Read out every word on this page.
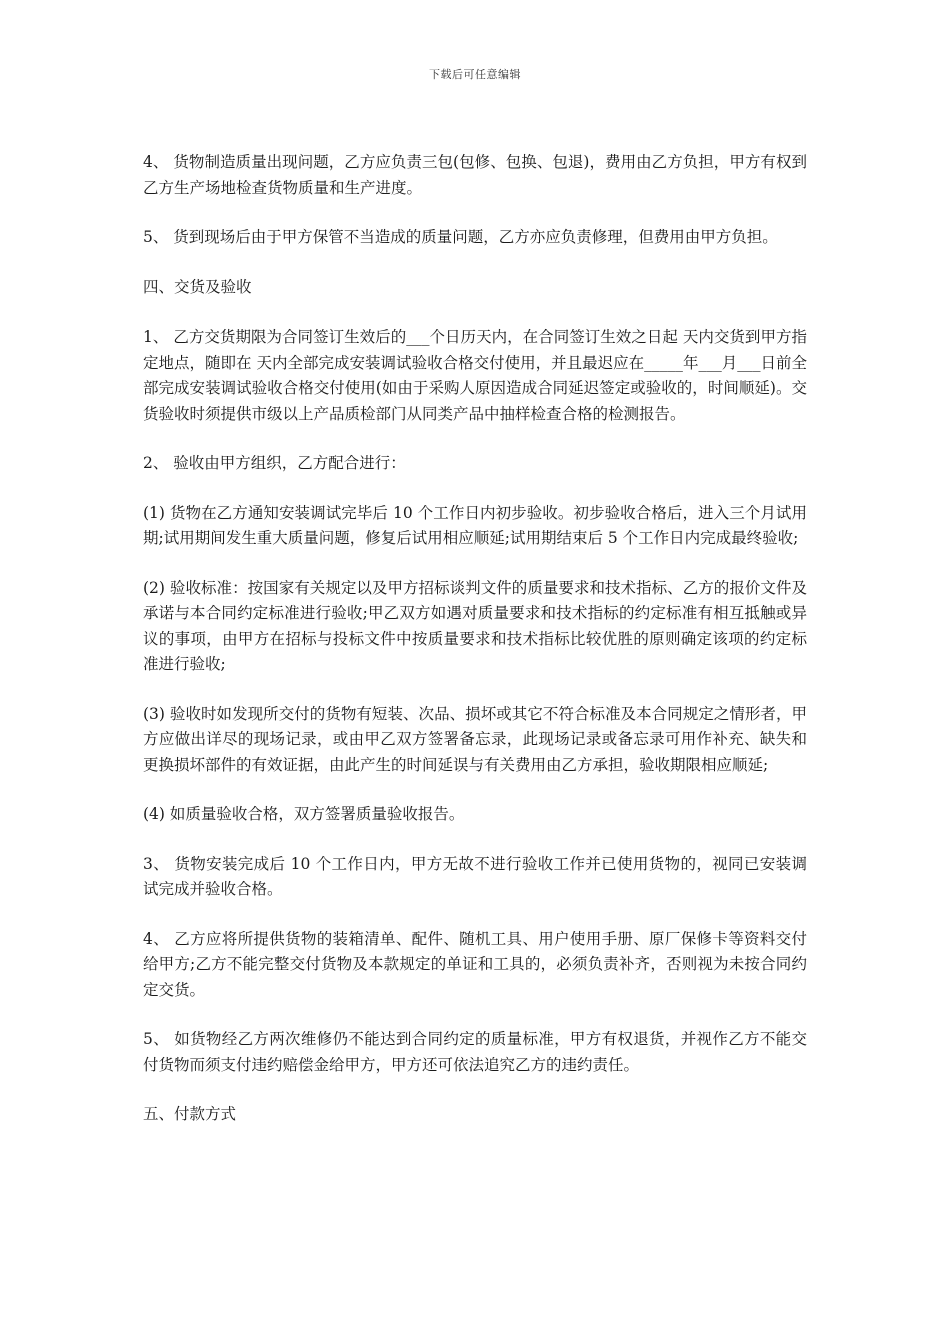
下载后可任意编辑

4、 货物制造质量出现问题，乙方应负责三包(包修、包换、包退)，费用由乙方负担，甲方有权到乙方生产场地检查货物质量和生产进度。

5、 货到现场后由于甲方保管不当造成的质量问题，乙方亦应负责修理，但费用由甲方负担。

四、交货及验收

1、 乙方交货期限为合同签订生效后的___个日历天内，在合同签订生效之日起 天内交货到甲方指定地点，随即在 天内全部完成安装调试验收合格交付使用，并且最迟应在_____年___月___日前全部完成安装调试验收合格交付使用(如由于采购人原因造成合同延迟签定或验收的，时间顺延)。交货验收时须提供市级以上产品质检部门从同类产品中抽样检查合格的检测报告。

2、 验收由甲方组织，乙方配合进行：

(1) 货物在乙方通知安装调试完毕后 10 个工作日内初步验收。初步验收合格后，进入三个月试用期;试用期间发生重大质量问题，修复后试用相应顺延;试用期结束后 5 个工作日内完成最终验收;

(2) 验收标准：按国家有关规定以及甲方招标谈判文件的质量要求和技术指标、乙方的报价文件及承诺与本合同约定标准进行验收;甲乙双方如遇对质量要求和技术指标的约定标准有相互抵触或异议的事项，由甲方在招标与投标文件中按质量要求和技术指标比较优胜的原则确定该项的约定标准进行验收;

(3) 验收时如发现所交付的货物有短装、次品、损坏或其它不符合标准及本合同规定之情形者，甲方应做出详尽的现场记录，或由甲乙双方签署备忘录，此现场记录或备忘录可用作补充、缺失和更换损坏部件的有效证据，由此产生的时间延误与有关费用由乙方承担，验收期限相应顺延;

(4) 如质量验收合格，双方签署质量验收报告。

3、 货物安装完成后 10 个工作日内，甲方无故不进行验收工作并已使用货物的，视同已安装调试完成并验收合格。

4、 乙方应将所提供货物的装箱清单、配件、随机工具、用户使用手册、原厂保修卡等资料交付给甲方;乙方不能完整交付货物及本款规定的单证和工具的，必须负责补齐，否则视为未按合同约定交货。

5、 如货物经乙方两次维修仍不能达到合同约定的质量标准，甲方有权退货，并视作乙方不能交付货物而须支付违约赔偿金给甲方，甲方还可依法追究乙方的违约责任。

五、付款方式
